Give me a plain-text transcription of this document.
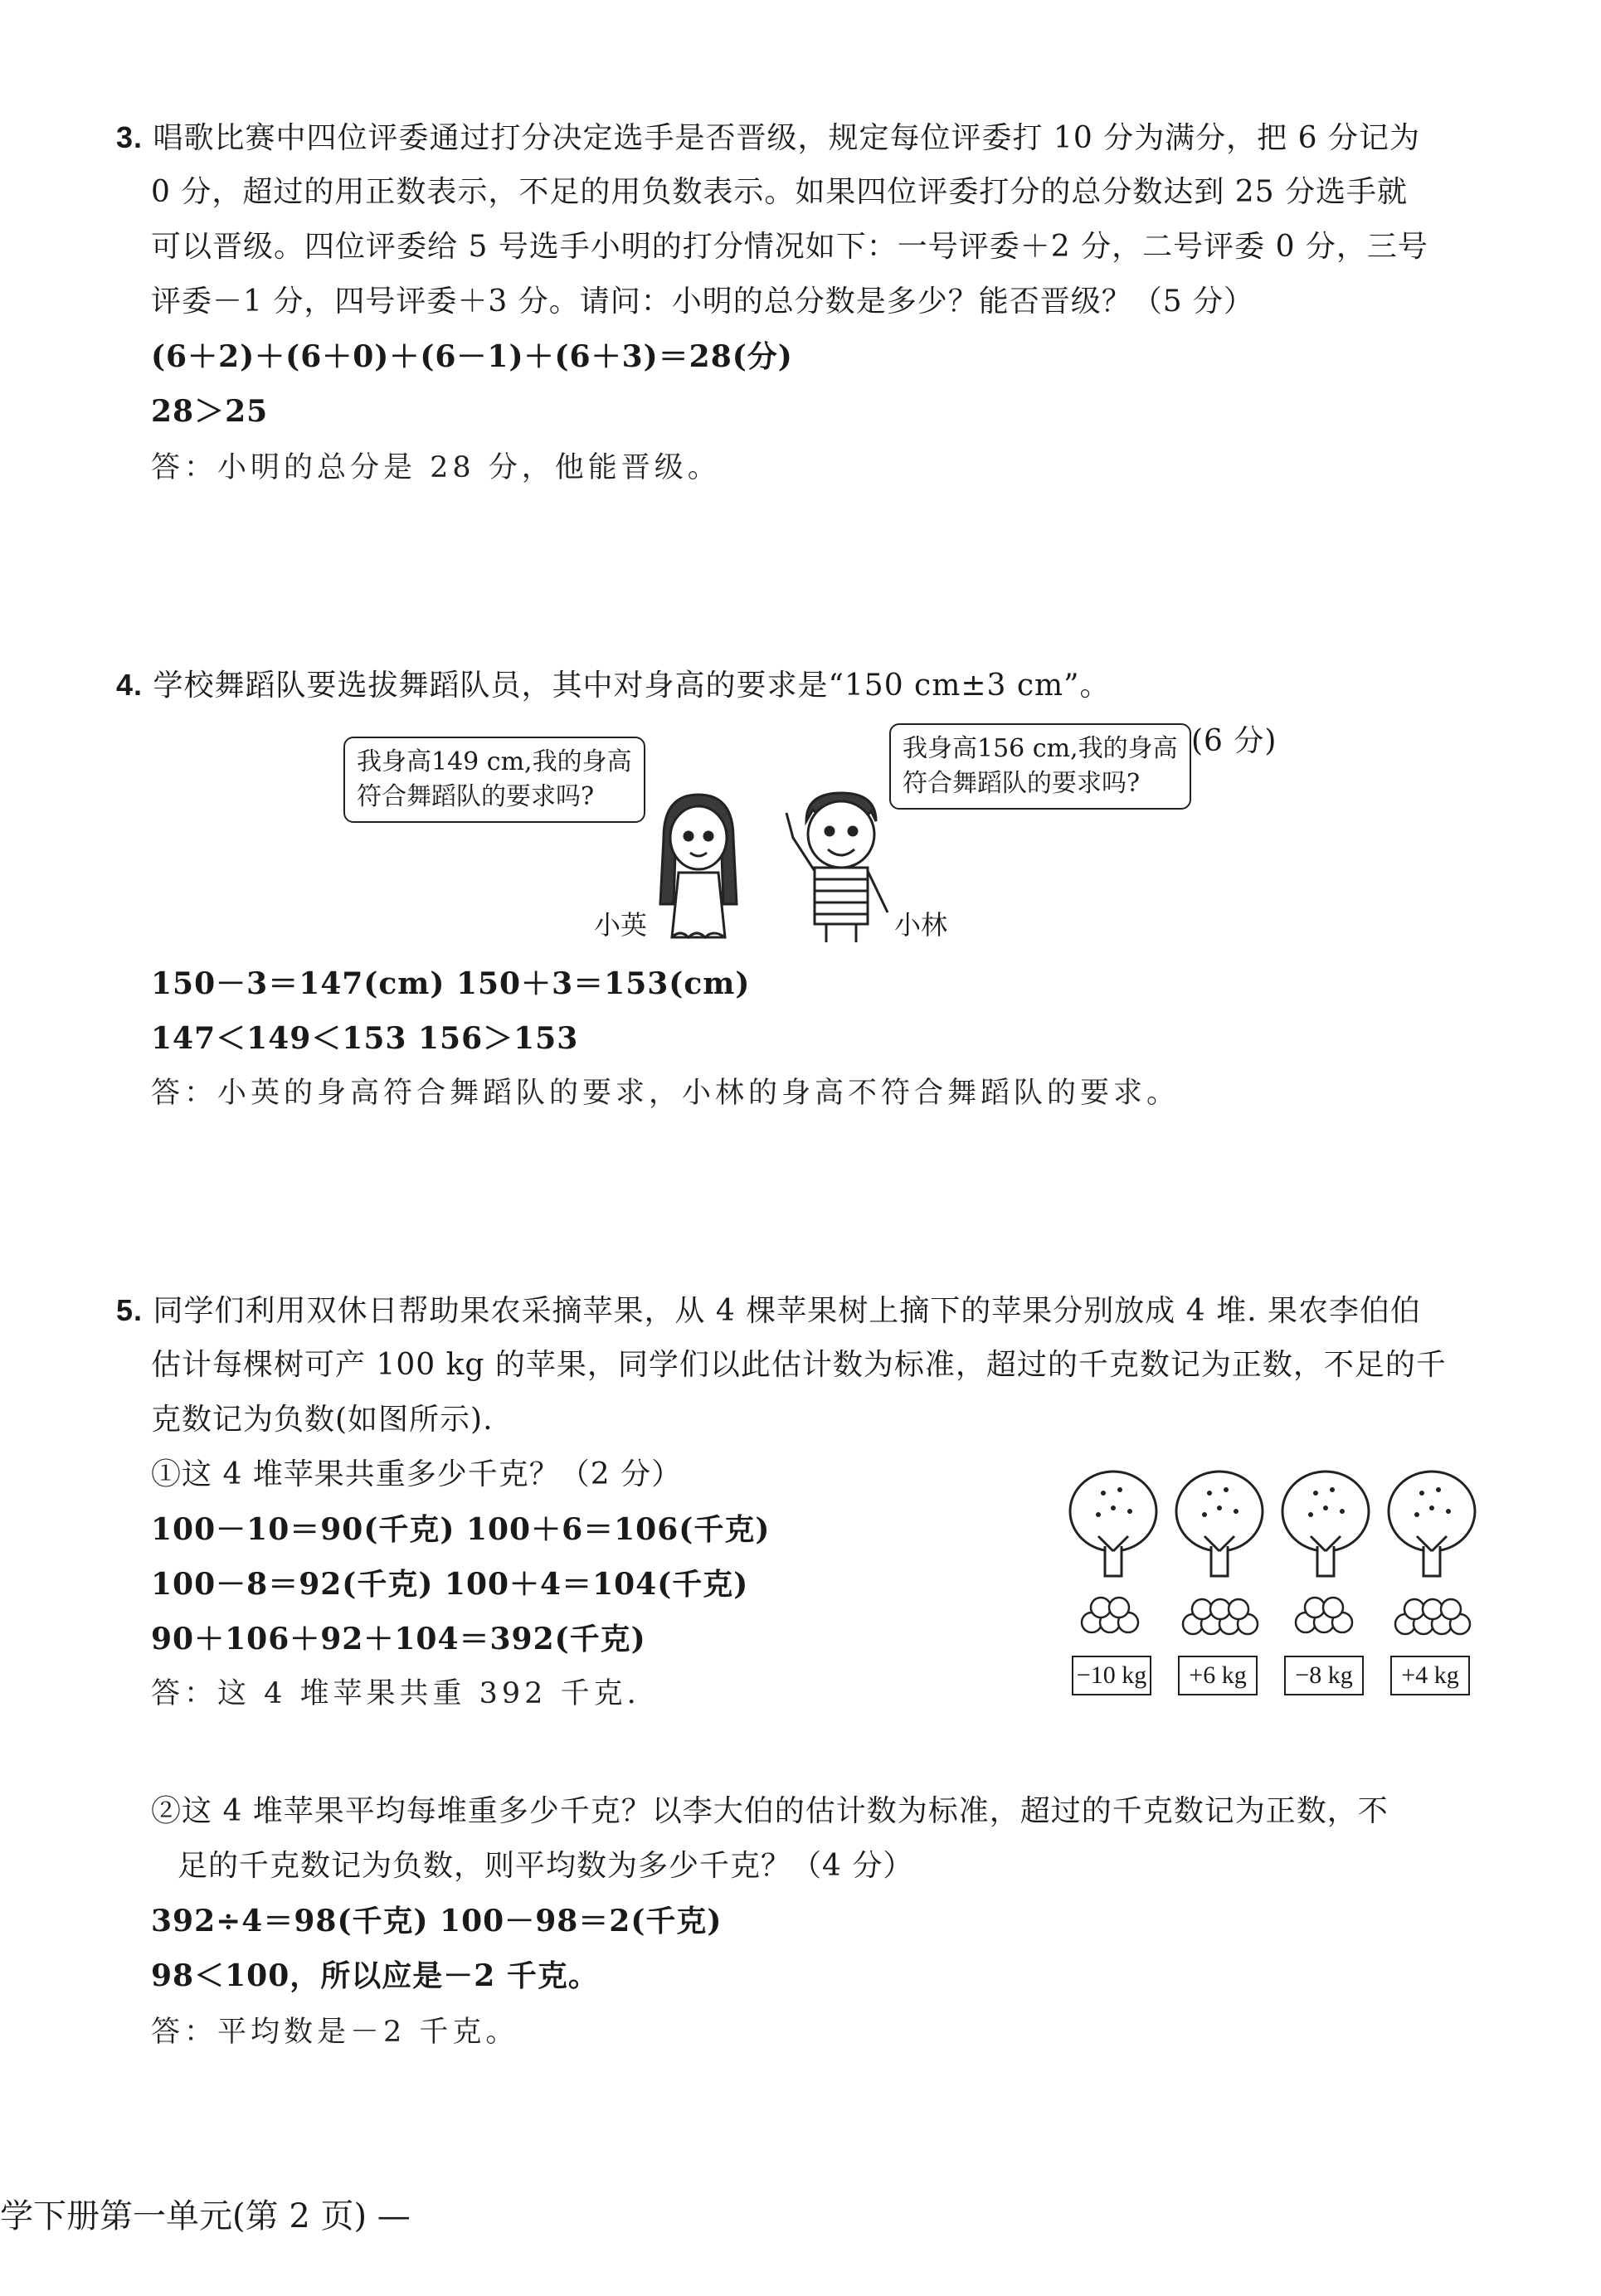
3. 唱歌比赛中四位评委通过打分决定选手是否晋级，规定每位评委打 10 分为满分，把 6 分记为
0 分，超过的用正数表示，不足的用负数表示。如果四位评委打分的总分数达到 25 分选手就
可以晋级。四位评委给 5 号选手小明的打分情况如下：一号评委＋2 分，二号评委 0 分，三号
评委－1 分，四号评委＋3 分。请问：小明的总分数是多少？能否晋级？（5 分）
(6＋2)＋(6＋0)＋(6－1)＋(6＋3)＝28(分)
28＞25
答：小明的总分是 28 分，他能晋级。
4. 学校舞蹈队要选拔舞蹈队员，其中对身高的要求是“150 cm±3 cm”。
我身高149 cm,我的身高
符合舞蹈队的要求吗?
我身高156 cm,我的身高
符合舞蹈队的要求吗?
(6 分)
小英	小林
150－3＝147(cm) 150＋3＝153(cm)
147＜149＜153 156＞153
答：小英的身高符合舞蹈队的要求，小林的身高不符合舞蹈队的要求。
5. 同学们利用双休日帮助果农采摘苹果，从 4 棵苹果树上摘下的苹果分别放成 4 堆. 果农李伯伯
估计每棵树可产 100 kg 的苹果，同学们以此估计数为标准，超过的千克数记为正数，不足的千
克数记为负数(如图所示).
①这 4 堆苹果共重多少千克？（2 分）
100－10＝90(千克) 100＋6＝106(千克)
100－8＝92(千克) 100＋4＝104(千克)
90＋106＋92＋104＝392(千克)
答：这 4 堆苹果共重 392 千克.
−10 kg	+6 kg	−8 kg	+4 kg
②这 4 堆苹果平均每堆重多少千克？以李大伯的估计数为标准，超过的千克数记为正数，不
足的千克数记为负数，则平均数为多少千克？（4 分）
392÷4＝98(千克) 100－98＝2(千克)
98＜100，所以应是－2 千克。
答：平均数是－2 千克。
学下册第一单元(第 2 页) —
